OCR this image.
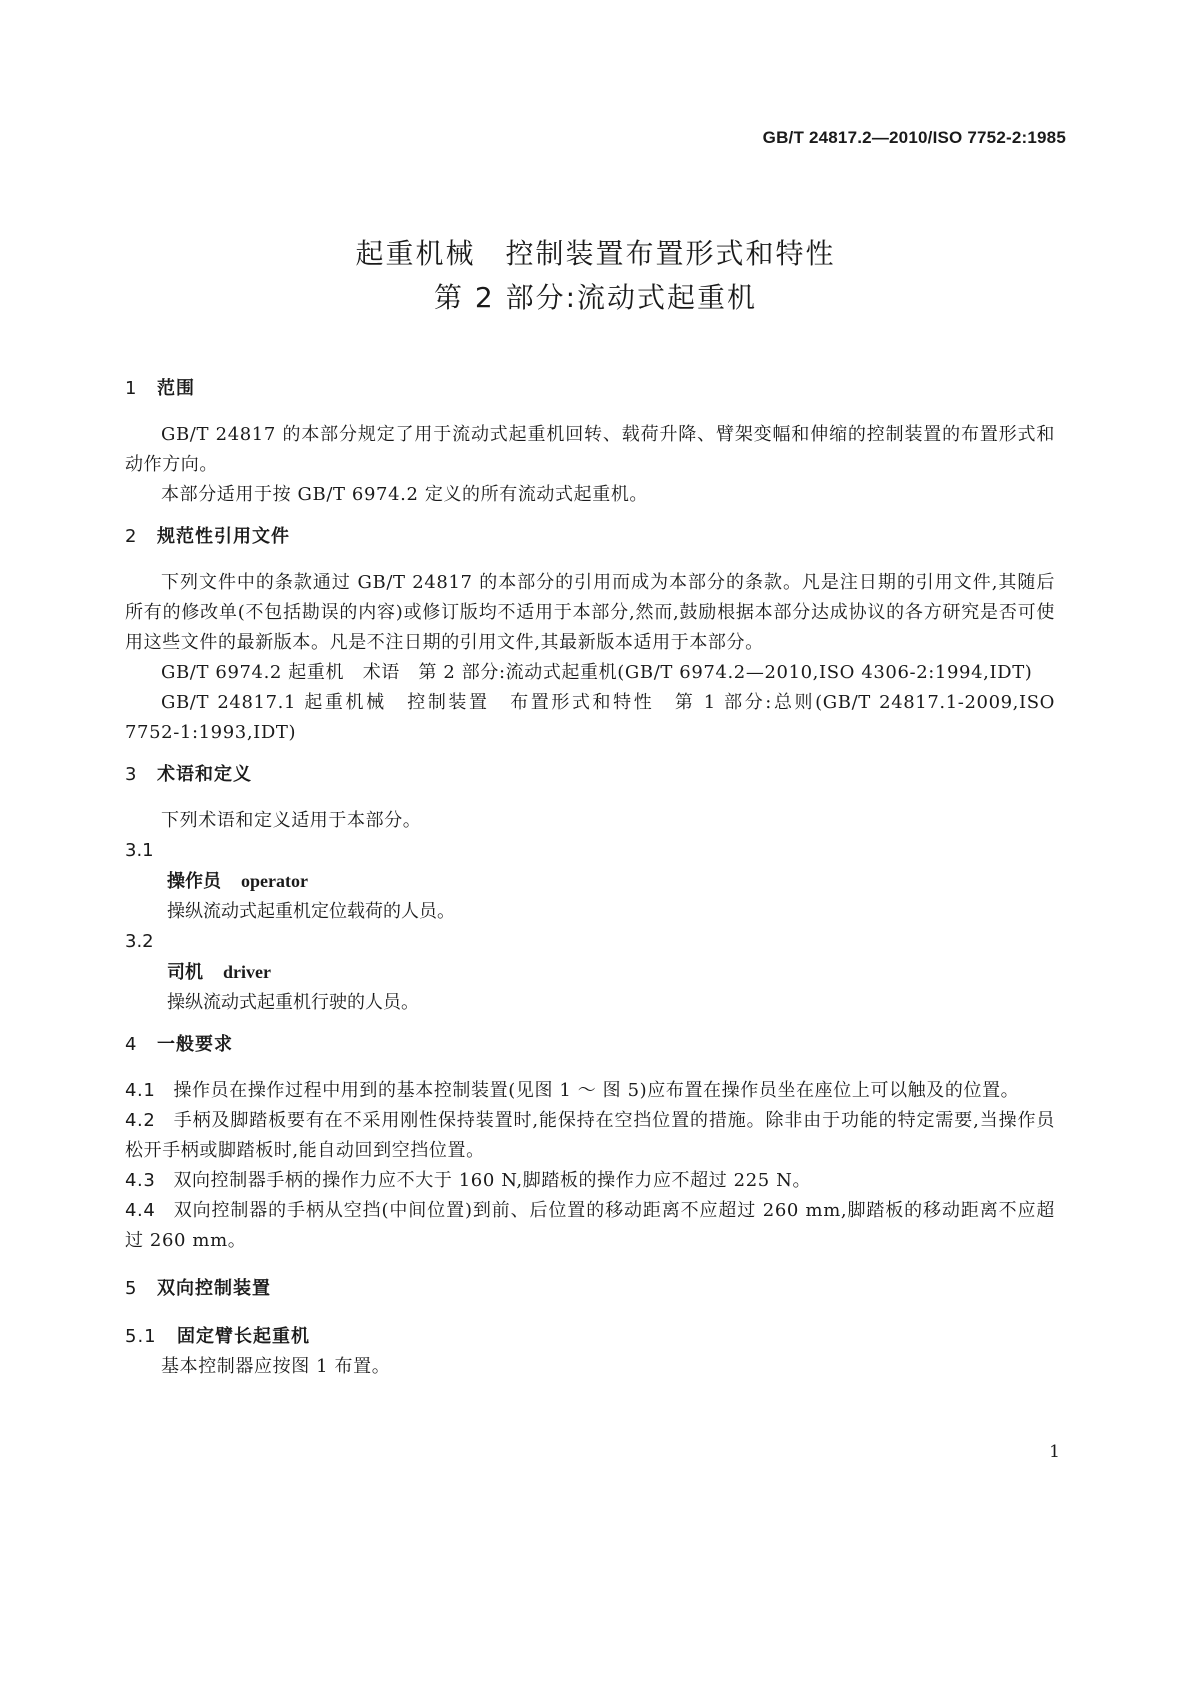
GB/T 24817.2—2010/ISO 7752-2:1985
起重机械　控制装置布置形式和特性
第 2 部分:流动式起重机

1 范围

GB/T 24817 的本部分规定了用于流动式起重机回转、载荷升降、臂架变幅和伸缩的控制装置的布置形式和动作方向。

本部分适用于按 GB/T 6974.2 定义的所有流动式起重机。

2 规范性引用文件

下列文件中的条款通过 GB/T 24817 的本部分的引用而成为本部分的条款。凡是注日期的引用文件,其随后所有的修改单(不包括勘误的内容)或修订版均不适用于本部分,然而,鼓励根据本部分达成协议的各方研究是否可使用这些文件的最新版本。凡是不注日期的引用文件,其最新版本适用于本部分。

GB/T 6974.2 起重机　术语　第 2 部分:流动式起重机(GB/T 6974.2—2010,ISO 4306-2:1994,IDT)

GB/T 24817.1 起重机械　控制装置　布置形式和特性　第 1 部分:总则(GB/T 24817.1-2009,ISO 7752-1:1993,IDT)

3 术语和定义

下列术语和定义适用于本部分。

3.1

操作员 operator

操纵流动式起重机定位载荷的人员。

3.2

司机 driver

操纵流动式起重机行驶的人员。

4 一般要求

4.1 操作员在操作过程中用到的基本控制装置(见图 1 ～ 图 5)应布置在操作员坐在座位上可以触及的位置。

4.2 手柄及脚踏板要有在不采用刚性保持装置时,能保持在空挡位置的措施。除非由于功能的特定需要,当操作员松开手柄或脚踏板时,能自动回到空挡位置。

4.3 双向控制器手柄的操作力应不大于 160 N,脚踏板的操作力应不超过 225 N。

4.4 双向控制器的手柄从空挡(中间位置)到前、后位置的移动距离不应超过 260 mm,脚踏板的移动距离不应超过 260 mm。

5 双向控制装置

5.1 固定臂长起重机

基本控制器应按图 1 布置。

1
